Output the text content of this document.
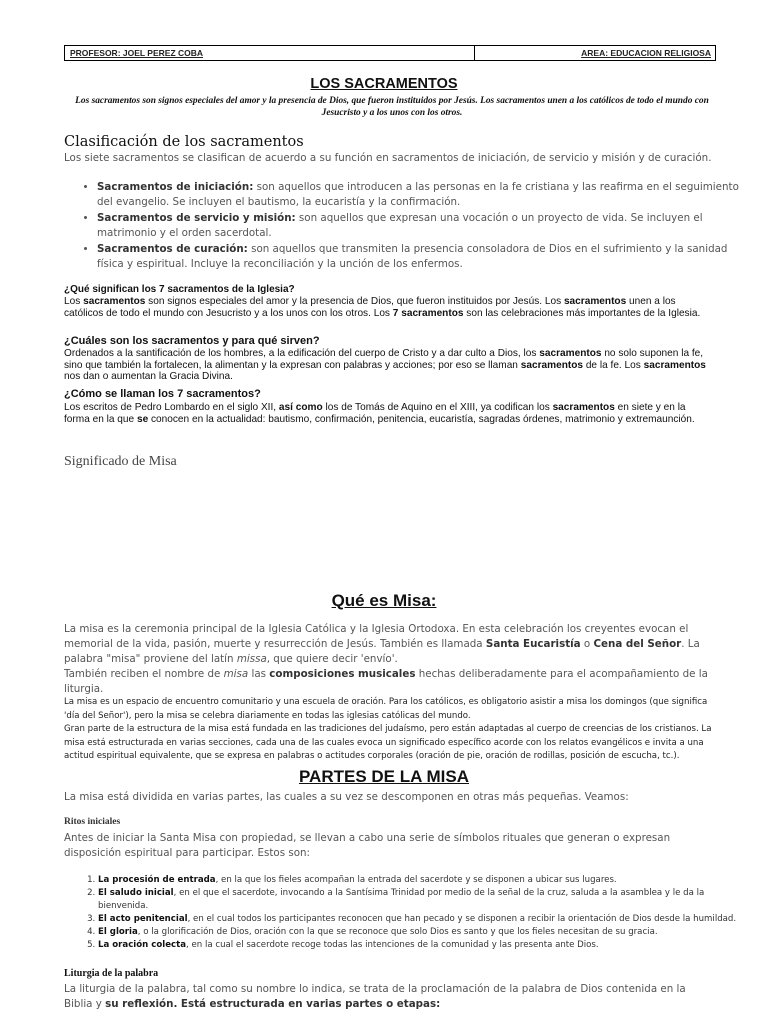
PROFESOR: JOEL PEREZ COBA	AREA: EDUCACION RELIGIOSA
LOS SACRAMENTOS
Los sacramentos son signos especiales del amor y la presencia de Dios, que fueron instituidos por Jesús. Los sacramentos unen a los católicos de todo el mundo con Jesucristo y a los unos con los otros.
Clasificación de los sacramentos
Los siete sacramentos se clasifican de acuerdo a su función en sacramentos de iniciación, de servicio y misión y de curación.
• Sacramentos de iniciación: son aquellos que introducen a las personas en la fe cristiana y las reafirma en el seguimiento del evangelio. Se incluyen el bautismo, la eucaristía y la confirmación.
• Sacramentos de servicio y misión: son aquellos que expresan una vocación o un proyecto de vida. Se incluyen el matrimonio y el orden sacerdotal.
• Sacramentos de curación: son aquellos que transmiten la presencia consoladora de Dios en el sufrimiento y la sanidad física y espiritual. Incluye la reconciliación y la unción de los enfermos.
¿Qué significan los 7 sacramentos de la Iglesia?
Los sacramentos son signos especiales del amor y la presencia de Dios, que fueron instituidos por Jesús. Los sacramentos unen a los católicos de todo el mundo con Jesucristo y a los unos con los otros. Los 7 sacramentos son las celebraciones más importantes de la Iglesia.
¿Cuáles son los sacramentos y para qué sirven?
Ordenados a la santificación de los hombres, a la edificación del cuerpo de Cristo y a dar culto a Dios, los sacramentos no solo suponen la fe, sino que también la fortalecen, la alimentan y la expresan con palabras y acciones; por eso se llaman sacramentos de la fe. Los sacramentos nos dan o aumentan la Gracia Divina.
¿Cómo se llaman los 7 sacramentos?
Los escritos de Pedro Lombardo en el siglo XII, así como los de Tomás de Aquino en el XIII, ya codifican los sacramentos en siete y en la forma en la que se conocen en la actualidad: bautismo, confirmación, penitencia, eucaristía, sagradas órdenes, matrimonio y extremaunción.
Significado de Misa
Qué es Misa:
La misa es la ceremonia principal de la Iglesia Católica y la Iglesia Ortodoxa. En esta celebración los creyentes evocan el memorial de la vida, pasión, muerte y resurrección de Jesús. También es llamada Santa Eucaristía o Cena del Señor. La palabra "misa" proviene del latín missa, que quiere decir 'envío'.
También reciben el nombre de misa las composiciones musicales hechas deliberadamente para el acompañamiento de la liturgia.
La misa es un espacio de encuentro comunitario y una escuela de oración. Para los católicos, es obligatorio asistir a misa los domingos (que significa 'día del Señor'), pero la misa se celebra diariamente en todas las iglesias católicas del mundo.
Gran parte de la estructura de la misa está fundada en las tradiciones del judaísmo, pero están adaptadas al cuerpo de creencias de los cristianos. La misa está estructurada en varias secciones, cada una de las cuales evoca un significado específico acorde con los relatos evangélicos e invita a una actitud espiritual equivalente, que se expresa en palabras o actitudes corporales (oración de pie, oración de rodillas, posición de escucha, tc.).
PARTES DE LA MISA
La misa está dividida en varias partes, las cuales a su vez se descomponen en otras más pequeñas. Veamos:
Ritos iniciales
Antes de iniciar la Santa Misa con propiedad, se llevan a cabo una serie de símbolos rituales que generan o expresan disposición espiritual para participar. Estos son:
1. La procesión de entrada, en la que los fieles acompañan la entrada del sacerdote y se disponen a ubicar sus lugares.
2. El saludo inicial, en el que el sacerdote, invocando a la Santísima Trinidad por medio de la señal de la cruz, saluda a la asamblea y le da la bienvenida.
3. El acto penitencial, en el cual todos los participantes reconocen que han pecado y se disponen a recibir la orientación de Dios desde la humildad.
4. El gloria, o la glorificación de Dios, oración con la que se reconoce que solo Dios es santo y que los fieles necesitan de su gracia.
5. La oración colecta, en la cual el sacerdote recoge todas las intenciones de la comunidad y las presenta ante Dios.
Liturgia de la palabra
La liturgia de la palabra, tal como su nombre lo indica, se trata de la proclamación de la palabra de Dios contenida en la Biblia y su reflexión. Está estructurada en varias partes o etapas:
